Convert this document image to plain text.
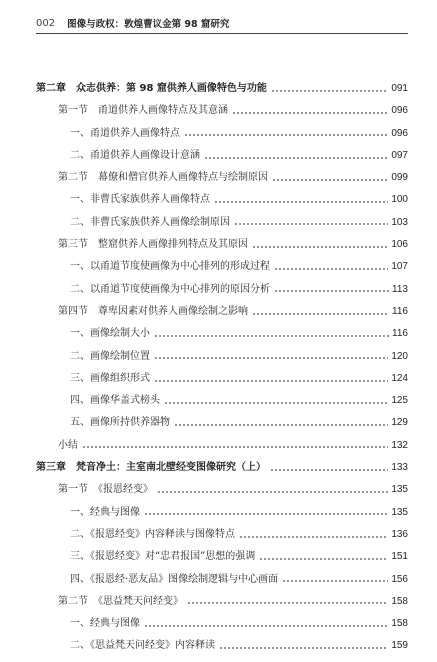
002 图像与政权：敦煌曹议金第 98 窟研究
第二章　众志供养：第 98 窟供养人画像特色与功能	091
第一节　甬道供养人画像特点及其意涵	096
一、甬道供养人画像特点	096
二、甬道供养人画像设计意涵	097
第二节　幕僚和僧官供养人画像特点与绘制原因	099
一、非曹氏家族供养人画像特点	100
二、非曹氏家族供养人画像绘制原因	103
第三节　整窟供养人画像排列特点及其原因	106
一、以甬道节度使画像为中心排列的形成过程	107
二、以甬道节度使画像为中心排列的原因分析	113
第四节　尊卑因素对供养人画像绘制之影响	116
一、画像绘制大小	116
二、画像绘制位置	120
三、画像组织形式	124
四、画像华盖式榜头	125
五、画像所持供养器物	129
小结	132
第三章　梵音净土：主室南北壁经变图像研究（上）	133
第一节　《报恩经变》	135
一、经典与图像	135
二、《报恩经变》内容释读与图像特点	136
三、《报恩经变》对“忠君报国”思想的强调	151
四、《报恩经·恶友品》图像绘制逻辑与中心画面	156
第二节　《思益梵天问经变》	158
一、经典与图像	158
二、《思益梵天问经变》内容释读	159
